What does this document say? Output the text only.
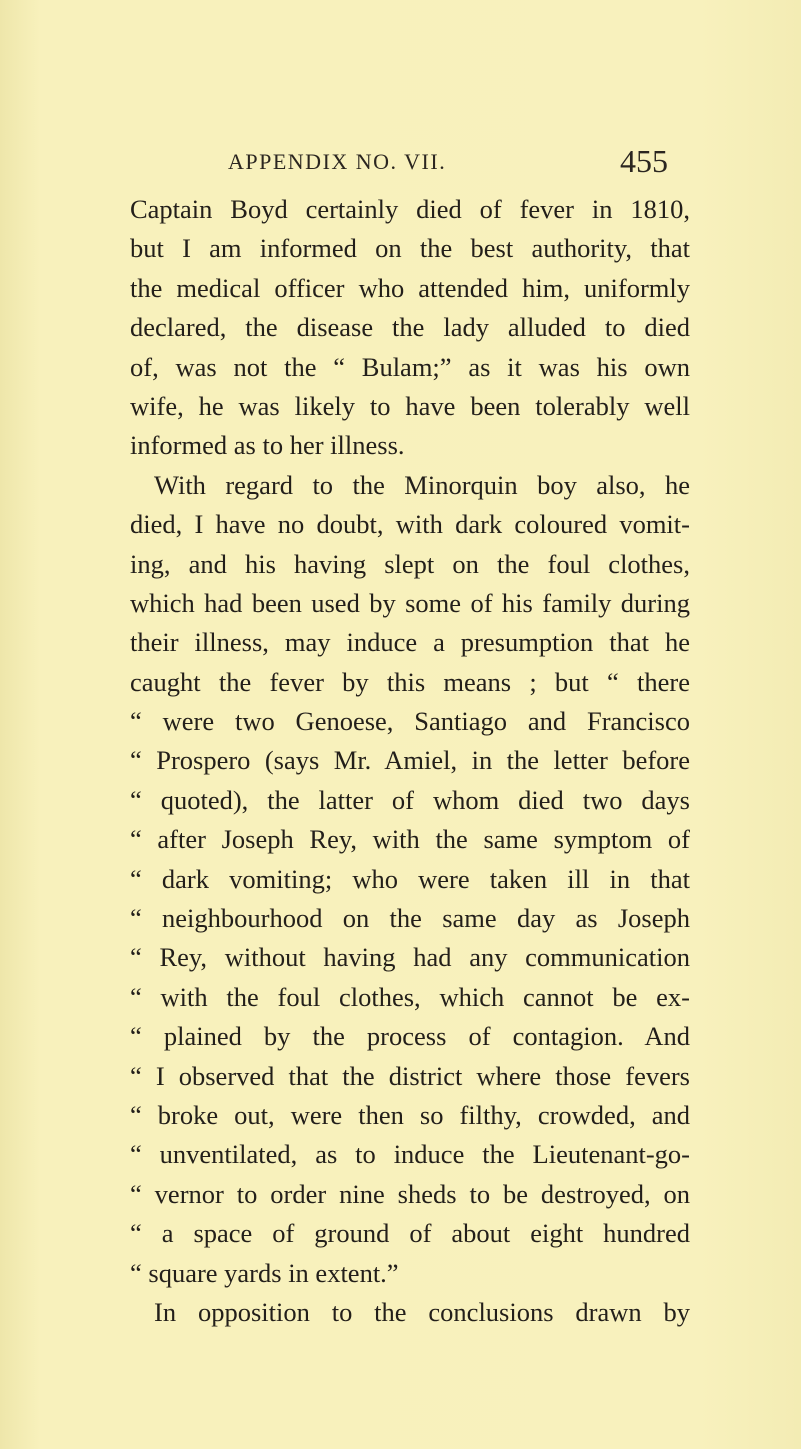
APPENDIX NO. VII.	455
Captain Boyd certainly died of fever in 1810,
but I am informed on the best authority, that
the medical officer who attended him, uniformly
declared, the disease the lady alluded to died
of, was not the “ Bulam;” as it was his own
wife, he was likely to have been tolerably well
informed as to her illness.
With regard to the Minorquin boy also, he
died, I have no doubt, with dark coloured vomit-
ing, and his having slept on the foul clothes,
which had been used by some of his family during
their illness, may induce a presumption that he
caught the fever by this means ; but “ there
“ were two Genoese, Santiago and Francisco
“ Prospero (says Mr. Amiel, in the letter before
“ quoted), the latter of whom died two days
“ after Joseph Rey, with the same symptom of
“ dark vomiting; who were taken ill in that
“ neighbourhood on the same day as Joseph
“ Rey, without having had any communication
“ with the foul clothes, which cannot be ex-
“ plained by the process of contagion. And
“ I observed that the district where those fevers
“ broke out, were then so filthy, crowded, and
“ unventilated, as to induce the Lieutenant-go-
“ vernor to order nine sheds to be destroyed, on
“ a space of ground of about eight hundred
“ square yards in extent.”
In opposition to the conclusions drawn by
